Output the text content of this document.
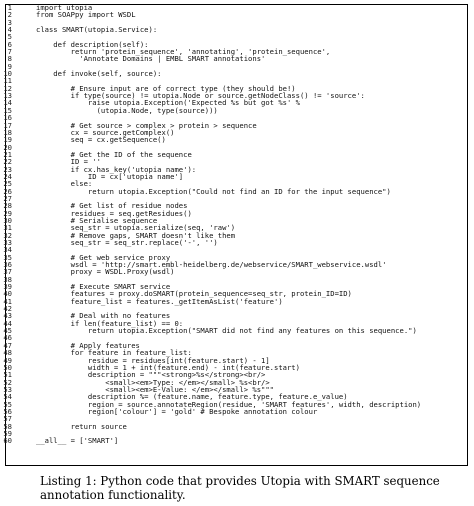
1	import utopia
2	from SOAPpy import WSDL
3
4	class SMART(utopia.Service):
5
6	def description(self):
7	return 'protein_sequence', 'annotating', 'protein_sequence',
8	'Annotate Domains | EMBL SMART annotations'
9
10	def invoke(self, source):
11
12	# Ensure input are of correct type (they should be!)
13	if type(source) != utopia.Node or source.getNodeClass() != 'source':
14	raise utopia.Exception('Expected %s but got %s' %
15	(utopia.Node, type(source)))
16
17	# Get source > complex > protein > sequence
18	cx = source.getComplex()
19	seq = cx.getSequence()
20
21	# Get the ID of the sequence
22	ID = ''
23	if cx.has_key('utopia name'):
24	ID = cx['utopia name']
25	else:
26	return utopia.Exception("Could not find an ID for the input sequence")
27
28	# Get list of residue nodes
29	residues = seq.getResidues()
30	# Serialise sequence
31	seq_str = utopia.serialize(seq, 'raw')
32	# Remove gaps, SMART doesn't like them
33	seq_str = seq_str.replace('-', '')
34
35	# Get web service proxy
36	wsdl = 'http://smart.embl-heidelberg.de/webservice/SMART_webservice.wsdl'
37	proxy = WSDL.Proxy(wsdl)
38
39	# Execute SMART service
40	features = proxy.doSMART(protein_sequence=seq_str, protein_ID=ID)
41	feature_list = features._getItemAsList('feature')
42
43	# Deal with no features
44	if len(feature_list) == 0:
45	return utopia.Exception("SMART did not find any features on this sequence.")
46
47	# Apply features
48	for feature in feature_list:
49	residue = residues[int(feature.start) - 1]
50	width = 1 + int(feature.end) - int(feature.start)
51	description = """<strong>%s</strong><br/>
52	<small><em>Type: </em></small> %s<br/>
53	<small><em>E-Value: </em></small> %s"""
54	description %= (feature.name, feature.type, feature.e_value)
55	region = source.annotateRegion(residue, 'SMART features', width, description)
56	region['colour'] = 'gold' # Bespoke annotation colour
57
58	return source
59
60	__all__ = ['SMART']
Listing 1: Python code that provides Utopia with SMART sequence annotation functionality.
